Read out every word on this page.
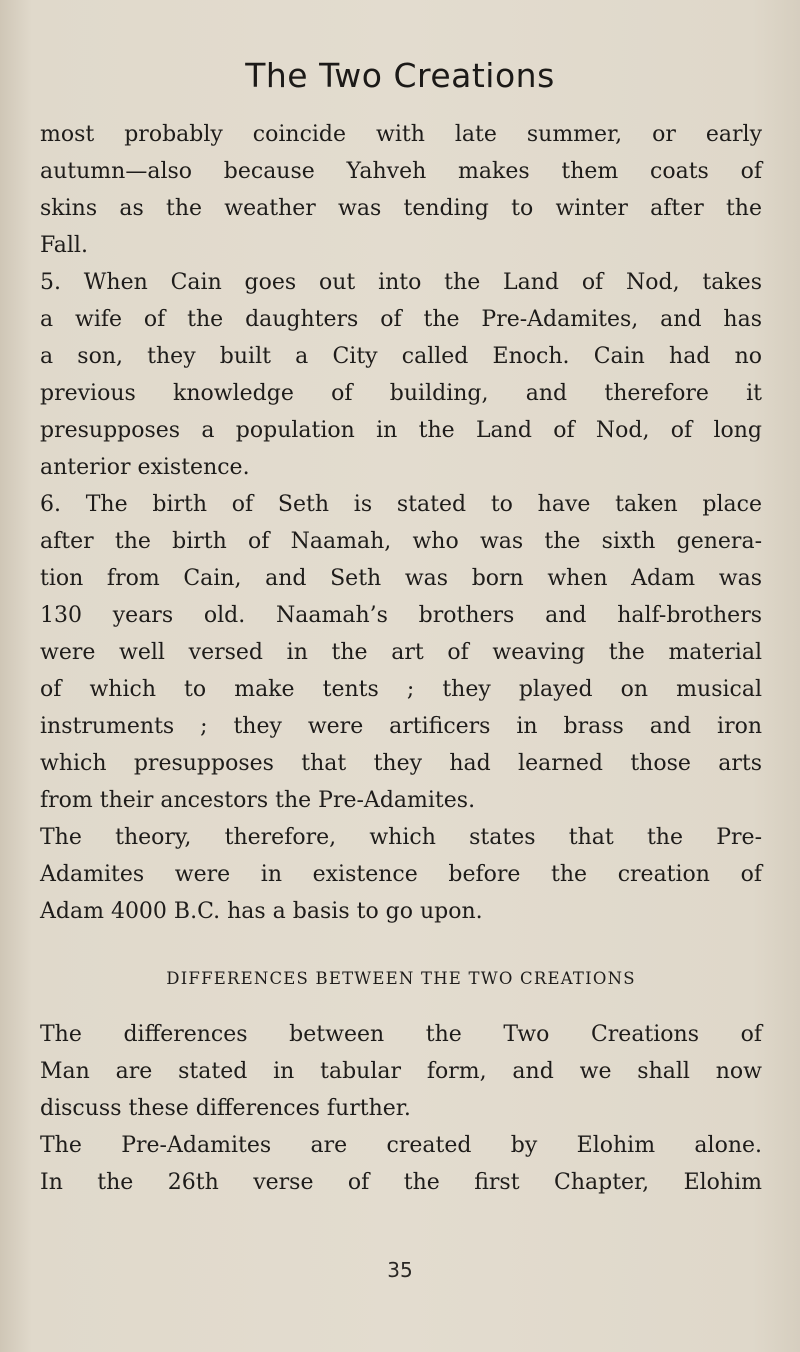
The Two Creations
most probably coincide with late summer, or early
autumn—also because Yahveh makes them coats of
skins as the weather was tending to winter after the
Fall.
5. When Cain goes out into the Land of Nod, takes
a wife of the daughters of the Pre-Adamites, and has
a son, they built a City called Enoch. Cain had no
previous knowledge of building, and therefore it
presupposes a population in the Land of Nod, of long
anterior existence.
6. The birth of Seth is stated to have taken place
after the birth of Naamah, who was the sixth genera-
tion from Cain, and Seth was born when Adam was
130 years old. Naamah’s brothers and half-brothers
were well versed in the art of weaving the material
of which to make tents ; they played on musical
instruments ; they were artificers in brass and iron
which presupposes that they had learned those arts
from their ancestors the Pre-Adamites.
The theory, therefore, which states that the Pre-
Adamites were in existence before the creation of
Adam 4000 B.C. has a basis to go upon.
DIFFERENCES BETWEEN THE TWO CREATIONS
The differences between the Two Creations of
Man are stated in tabular form, and we shall now
discuss these differences further.
The Pre-Adamites are created by Elohim alone.
In the 26th verse of the first Chapter, Elohim
35
